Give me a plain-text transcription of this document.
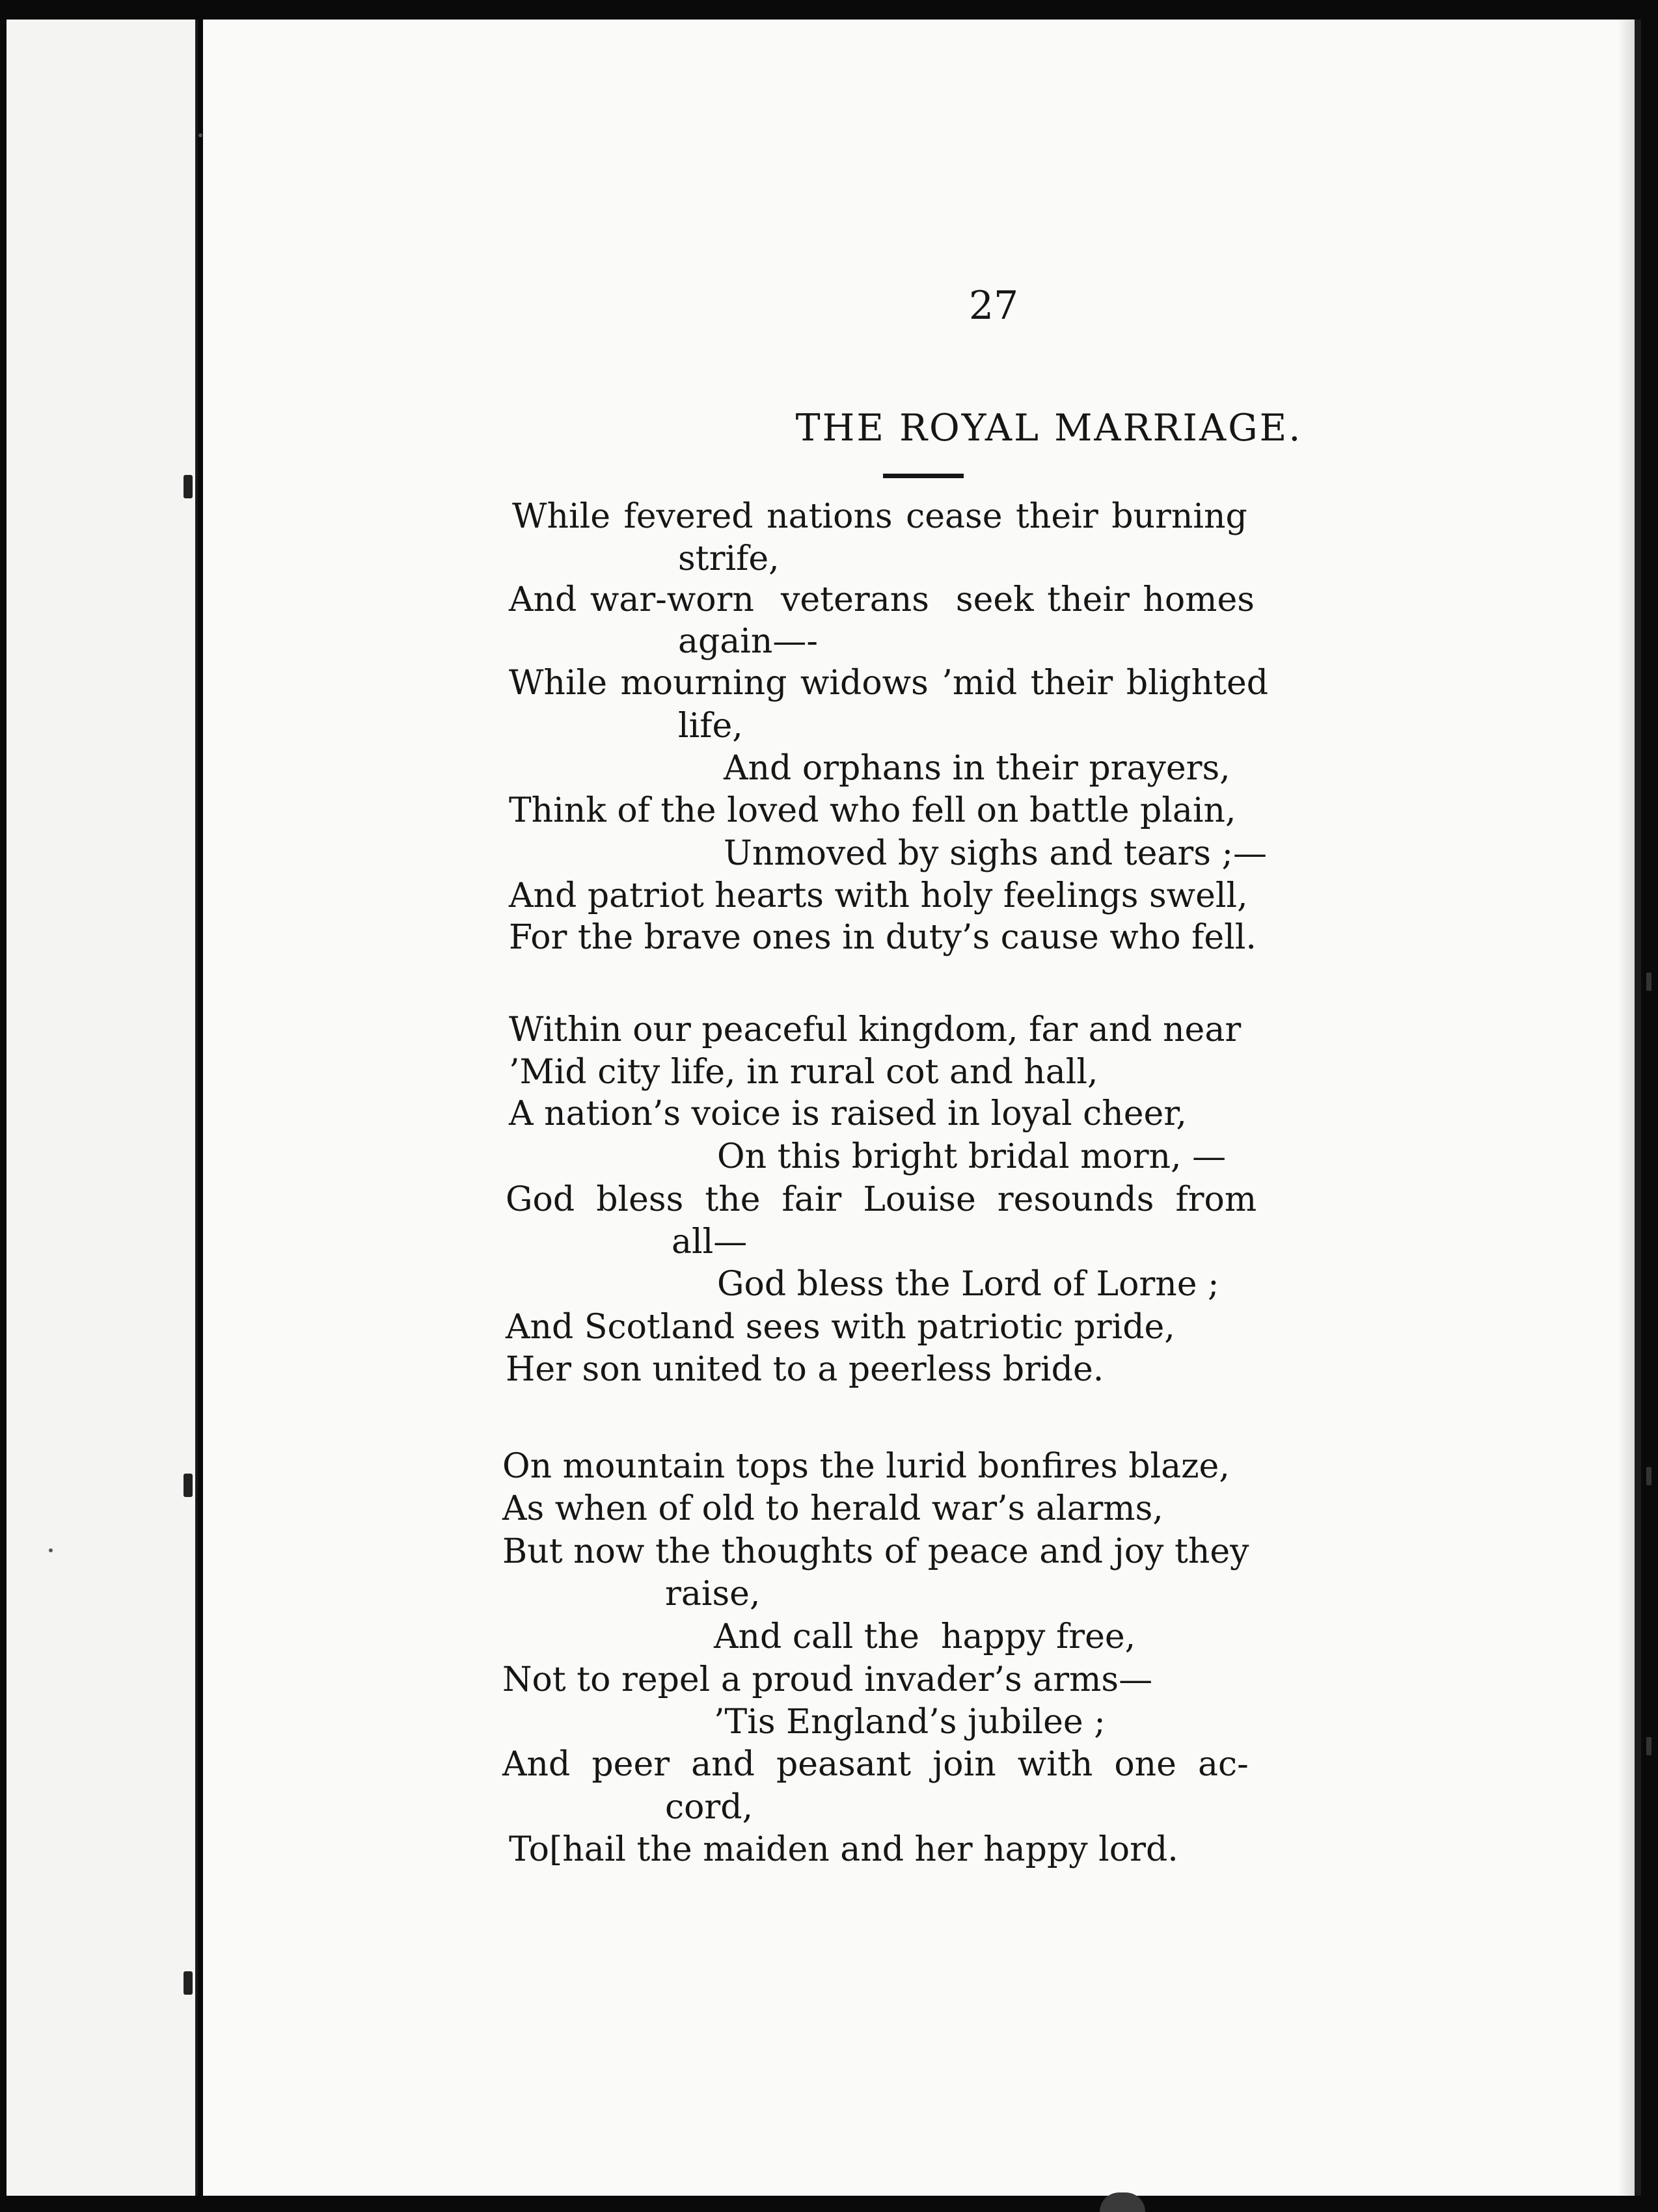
27
THE ROYAL MARRIAGE.
While fevered nations cease their burning
strife,
And war-worn  veterans  seek their homes
again—-
While mourning widows ’mid their blighted
life,
And orphans in their prayers,
Think of the loved who fell on battle plain,
Unmoved by sighs and tears ;—
And patriot hearts with holy feelings swell,
For the brave ones in duty’s cause who fell.
Within our peaceful kingdom, far and near
’Mid city life, in rural cot and hall,
A nation’s voice is raised in loyal cheer,
On this bright bridal morn, —
God  bless  the  fair  Louise  resounds  from
all—
God bless the Lord of Lorne ;
And Scotland sees with patriotic pride,
Her son united to a peerless bride.
On mountain tops the lurid bonfires blaze,
As when of old to herald war’s alarms,
But now the thoughts of peace and joy they
raise,
And call the  happy free,
Not to repel a proud invader’s arms—
’Tis England’s jubilee ;
And  peer  and  peasant  join  with  one  ac-
cord,
To[hail the maiden and her happy lord.
